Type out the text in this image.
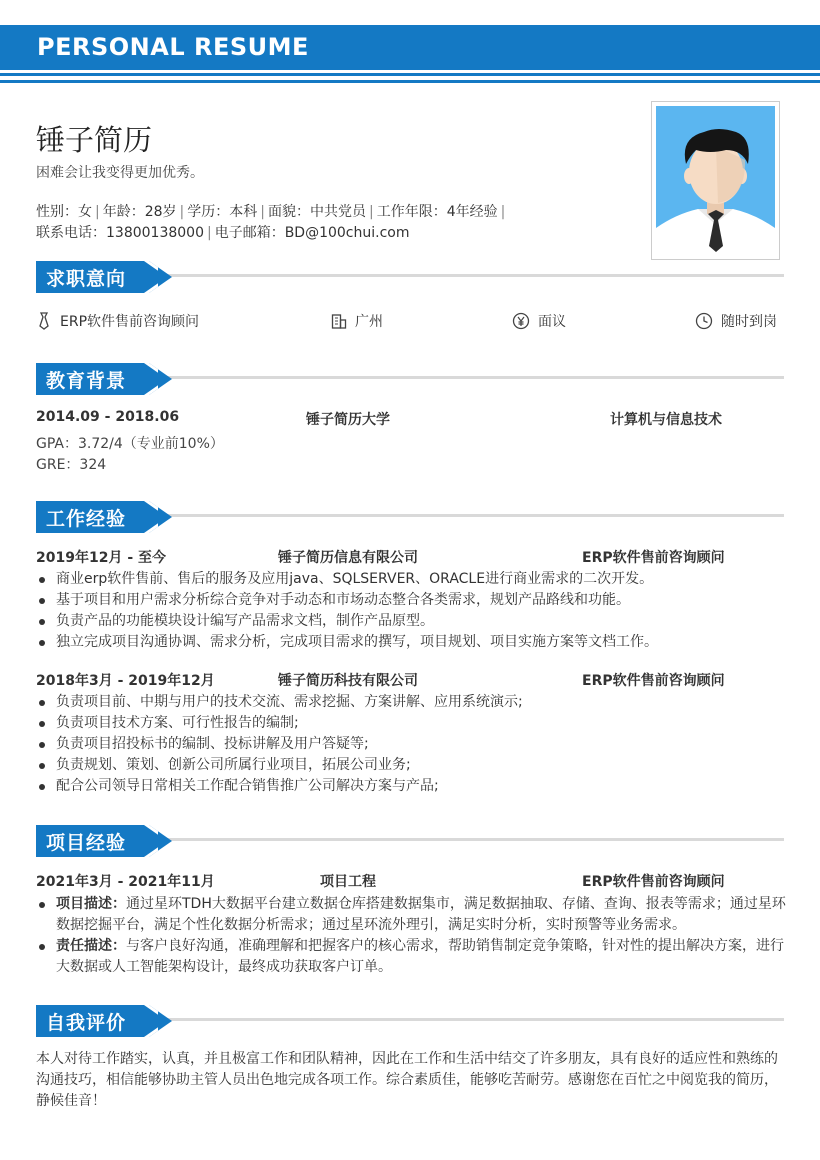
PERSONAL RESUME
锤子简历
困难会让我变得更加优秀。
性别：女 | 年龄：28岁 | 学历：本科 | 面貌：中共党员 | 工作年限：4年经验 |
联系电话：13800138000 | 电子邮箱：BD@100chui.com
求职意向
ERP软件售前咨询顾问	广州	面议	随时到岗
教育背景
2014.09 - 2018.06	锤子简历大学	计算机与信息技术
GPA：3.72/4（专业前10%）
GRE：324
工作经验
2019年12月 - 至今	锤子简历信息有限公司	ERP软件售前咨询顾问
商业erp软件售前、售后的服务及应用java、SQLSERVER、ORACLE进行商业需求的二次开发。
基于项目和用户需求分析综合竞争对手动态和市场动态整合各类需求，规划产品路线和功能。
负责产品的功能模块设计编写产品需求文档，制作产品原型。
独立完成项目沟通协调、需求分析，完成项目需求的撰写，项目规划、项目实施方案等文档工作。
2018年3月 - 2019年12月	锤子简历科技有限公司	ERP软件售前咨询顾问
负责项目前、中期与用户的技术交流、需求挖掘、方案讲解、应用系统演示;
负责项目技术方案、可行性报告的编制;
负责项目招投标书的编制、投标讲解及用户答疑等;
负责规划、策划、创新公司所属行业项目，拓展公司业务;
配合公司领导日常相关工作配合销售推广公司解决方案与产品;
项目经验
2021年3月 - 2021年11月	项目工程	ERP软件售前咨询顾问
项目描述：通过星环TDH大数据平台建立数据仓库搭建数据集市，满足数据抽取、存储、查询、报表等需求；通过星环数据挖掘平台，满足个性化数据分析需求；通过星环流外理引，满足实时分析，实时预警等业务需求。
责任描述：与客户良好沟通，准确理解和把握客户的核心需求，帮助销售制定竞争策略，针对性的提出解决方案，进行大数据或人工智能架构设计，最终成功获取客户订单。
自我评价
本人对待工作踏实，认真，并且极富工作和团队精神，因此在工作和生活中结交了许多朋友，具有良好的适应性和熟练的沟通技巧，相信能够协助主管人员出色地完成各项工作。综合素质佳，能够吃苦耐劳。感谢您在百忙之中阅览我的简历，静候佳音！
